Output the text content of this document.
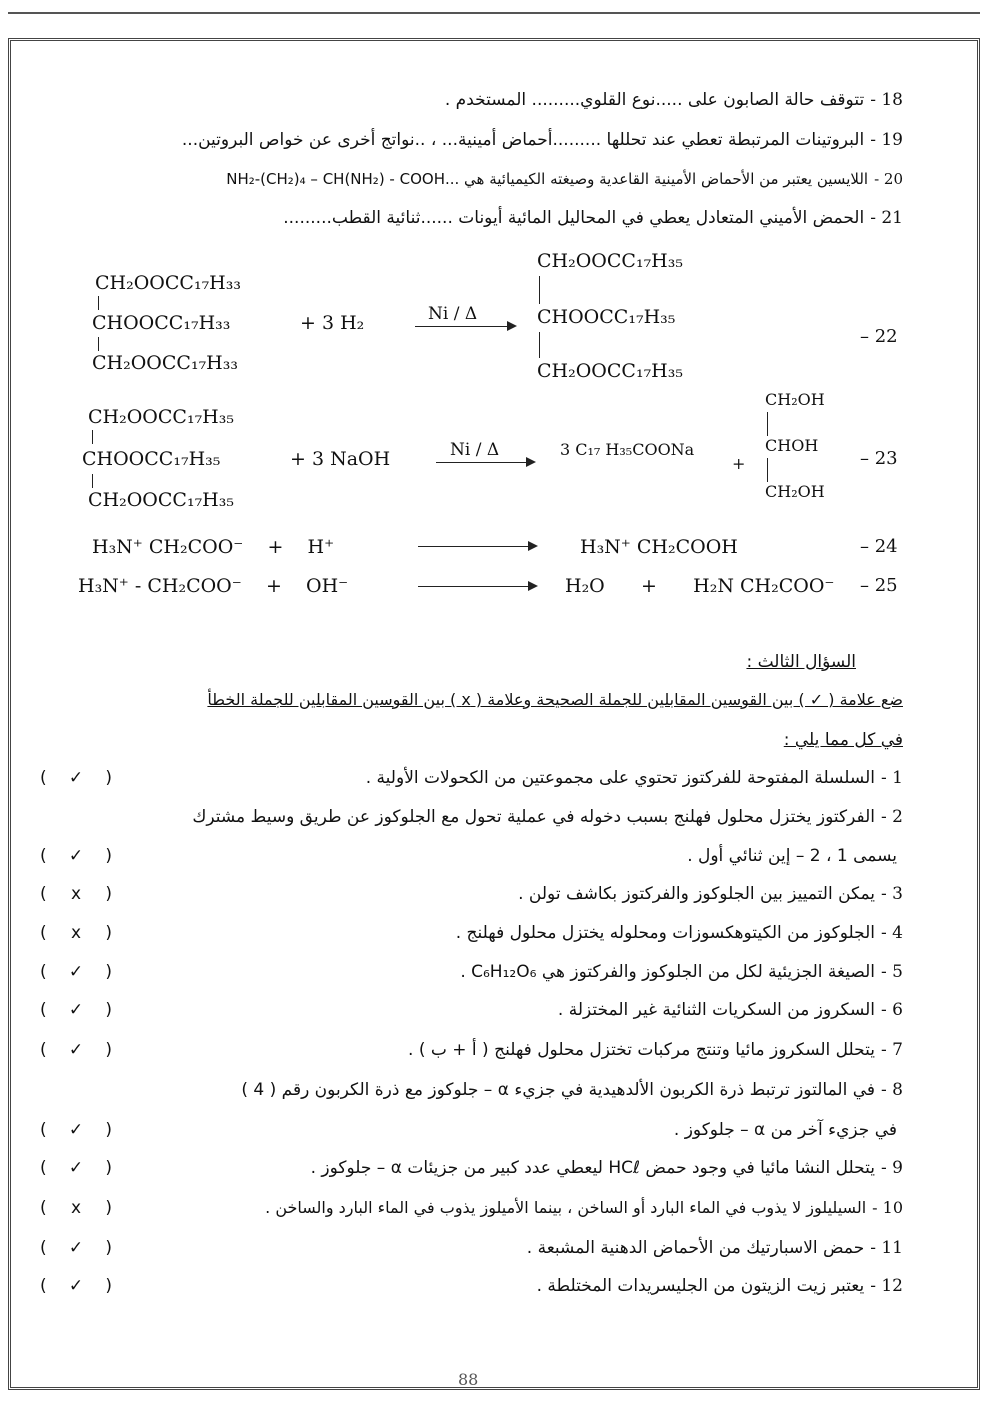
18 -تتوقف حالة الصابون على .....نوع القلوي......... المستخدم .
19 -البروتينات المرتبطة تعطي عند تحللها .........أحماض أمينية... ، ..نواتج أخرى عن خواص البروتين...
20 -اللايسين يعتبر من الأحماض الأمينية القاعدية وصيغته الكيميائية هي ...NH₂-(CH₂)₄ – CH(NH₂) - COOH
21 -الحمض الأميني المتعادل يعطي في المحاليل المائية أيونات ......ثنائية القطب.........
CH₂OOCC₁₇H₃₃
CHOOCC₁₇H₃₃
CH₂OOCC₁₇H₃₃
+ 3 H₂	Ni / Δ
CH₂OOCC₁₇H₃₅
CHOOCC₁₇H₃₅
CH₂OOCC₁₇H₃₅
– 22
CH₂OOCC₁₇H₃₅
CHOOCC₁₇H₃₅
CH₂OOCC₁₇H₃₅
+ 3 NaOH	Ni / Δ	3 C₁₇ H₃₅COONa
+
CH₂OH
CHOH
CH₂OH
– 23
H₃N⁺ CH₂COO⁻    +    H⁺	H₃N⁺ CH₂COOH	– 24
H₃N⁺ - CH₂COO⁻    +    OH⁻	H₂O      +      H₂N CH₂COO⁻ – 25
السؤال الثالث :
ضع علامة ( ✓ ) بين القوسين المقابلين للجملة الصحيحة وعلامة ( x ) بين القوسين المقابلين للجملة الخطأ
في كل مما يلي :
1 -السلسلة المفتوحة للفركتوز تحتوي على مجموعتين من الكحولات الأولية .
( ✓ )
2 -الفركتوز يختزل محلول فهلنج بسبب دخوله في عملية تحول مع الجلوكوز عن طريق وسيط مشترك
يسمى 1 ، 2 – إين ثنائي أول .
( ✓ )
3 -يمكن التمييز بين الجلوكوز والفركتوز بكاشف تولن .
( x )
4 -الجلوكوز من الكيتوهكسوزات ومحلوله يختزل محلول فهلنج .
( x )
5 -الصيغة الجزيئية لكل من الجلوكوز والفركتوز هي C₆H₁₂O₆ .
( ✓ )
6 -السكروز من السكريات الثنائية غير المختزلة .
( ✓ )
7 -يتحلل السكروز مائيا وتنتج مركبات تختزل محلول فهلنج ( أ + ب ) .
( ✓ )
8 -في المالتوز ترتبط ذرة الكربون الألدهيدية في جزيء α – جلوكوز مع ذرة الكربون رقم ( 4 )
في جزيء آخر من α – جلوكوز .
( ✓ )
9 -يتحلل النشا مائيا في وجود حمض HCℓ ليعطي عدد كبير من جزيئات α – جلوكوز .
( ✓ )
10 -السيليلوز لا يذوب في الماء البارد أو الساخن ، بينما الأميلوز يذوب في الماء البارد والساخن .
( x )
11 -حمض الاسبارتيك من الأحماض الدهنية المشبعة .
( ✓ )
12 -يعتبر زيت الزيتون من الجليسريدات المختلطة .
( ✓ )
88
